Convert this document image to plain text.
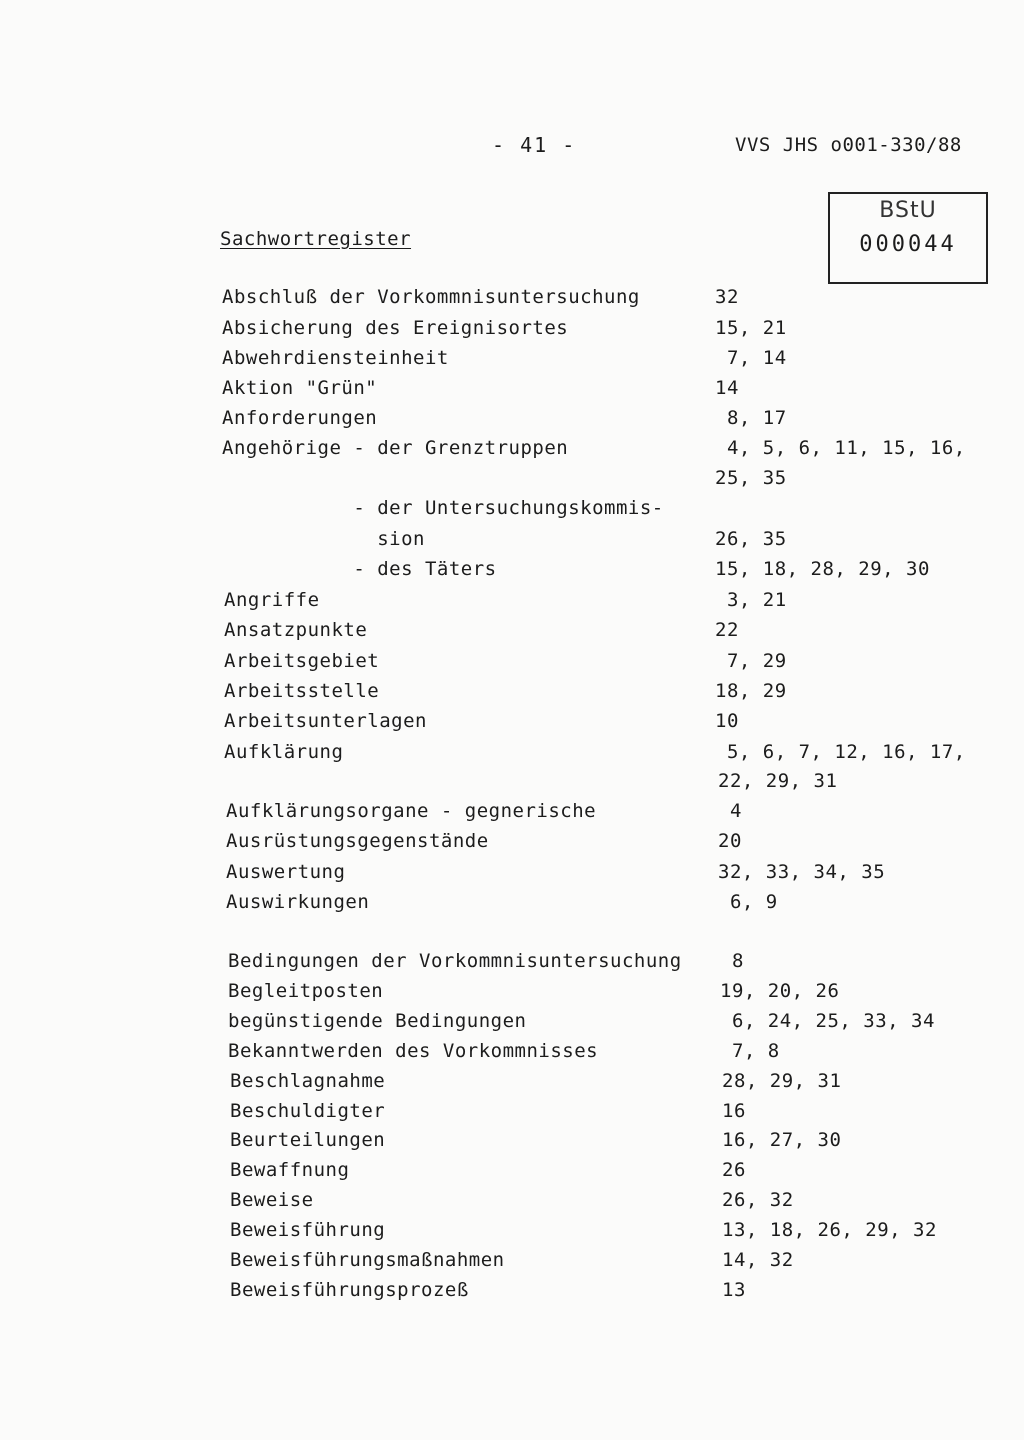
- 41 -	VVS JHS o001-330/88
BStU
000044
Sachwortregister
Abschluß der Vorkommnisuntersuchung	32
Absicherung des Ereignisortes	15, 21
Abwehrdiensteinheit	7, 14
Aktion "Grün"	14
Anforderungen	8, 17
Angehörige - der Grenztruppen	4, 5, 6, 11, 15, 16,
25, 35
- der Untersuchungskommis-
sion	26, 35
- des Täters	15, 18, 28, 29, 30
Angriffe	3, 21
Ansatzpunkte	22
Arbeitsgebiet	7, 29
Arbeitsstelle	18, 29
Arbeitsunterlagen	10
Aufklärung	5, 6, 7, 12, 16, 17,
22, 29, 31
Aufklärungsorgane - gegnerische	4
Ausrüstungsgegenstände	20
Auswertung	32, 33, 34, 35
Auswirkungen	6, 9
Bedingungen der Vorkommnisuntersuchung 8
Begleitposten	19, 20, 26
begünstigende Bedingungen	6, 24, 25, 33, 34
Bekanntwerden des Vorkommnisses	7, 8
Beschlagnahme	28, 29, 31
Beschuldigter	16
Beurteilungen	16, 27, 30
Bewaffnung	26
Beweise	26, 32
Beweisführung	13, 18, 26, 29, 32
Beweisführungsmaßnahmen	14, 32
Beweisführungsprozeß	13
